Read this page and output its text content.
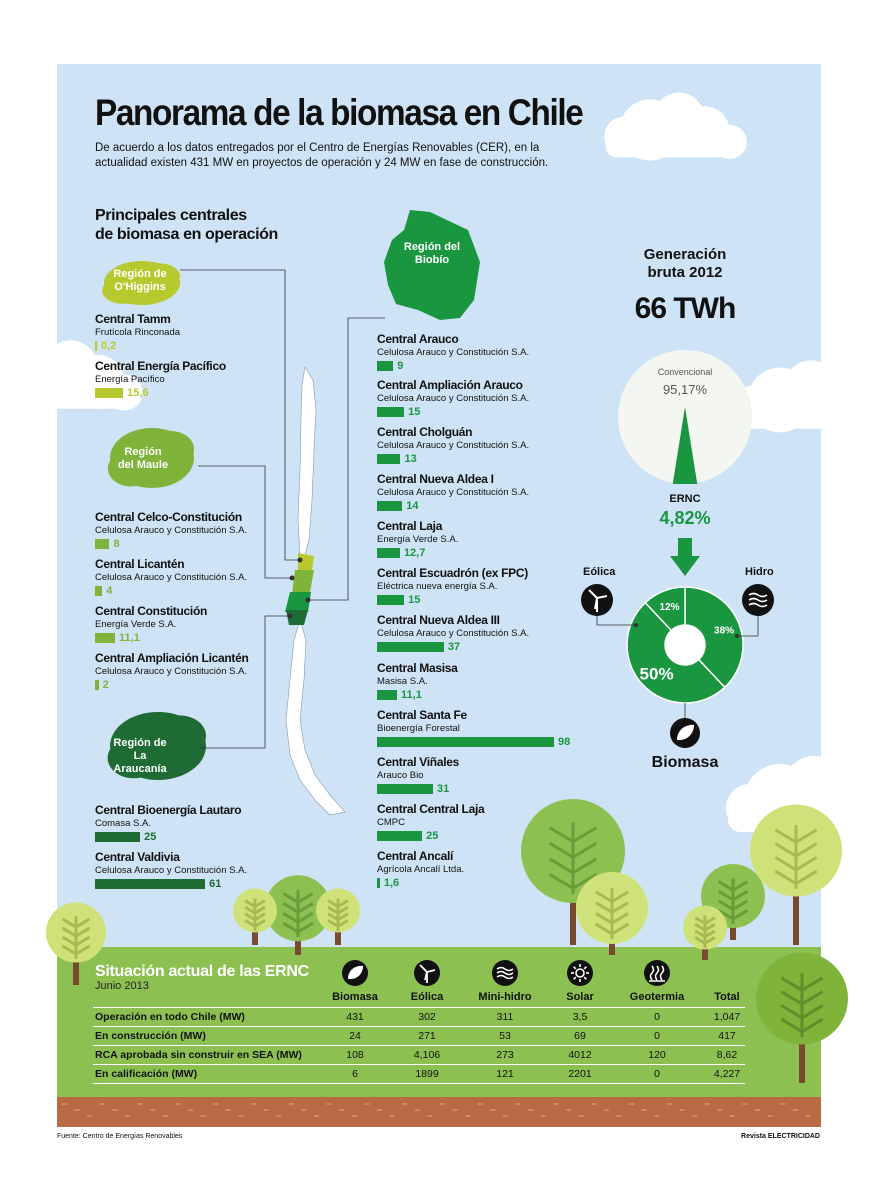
38%
50%
12%
Panorama de la biomasa en Chile
De acuerdo a los datos entregados por el Centro de Energías Renovables (CER), en la actualidad existen 431 MW en proyectos de operación y 24 MW en fase de construcción.
Principales centrales
de biomasa en operación
Región de
O'Higgins
Central Tamm
Frutícola Rinconada
0,2
Central Energía Pacífico
Energía Pacífico
15,6
Región
del Maule
Central Celco-Constitución
Celulosa Arauco y Constitución S.A.
8
Central Licantén
Celulosa Arauco y Constitución S.A.
4
Central Constitución
Energía Verde S.A.
11,1
Central Ampliación Licantén
Celulosa Arauco y Constitución S.A.
2
Región de
La Araucanía
Central Bioenergía Lautaro
Comasa S.A.
25
Central Valdivia
Celulosa Arauco y Constitución S.A.
61
Región del
Biobío
Central Arauco
Celulosa Arauco y Constitución S.A.
9
Central Ampliación Arauco
Celulosa Arauco y Constitución S.A.
15
Central Cholguán
Celulosa Arauco y Constitución S.A.
13
Central Nueva Aldea I
Celulosa Arauco y Constitución S.A.
14
Central Laja
Energía Verde S.A.
12,7
Central Escuadrón (ex FPC)
Eléctrica nueva energía S.A.
15
Central Nueva Aldea III
Celulosa Arauco y Constitución S.A.
37
Central Masisa
Masisa S.A.
11,1
Central Santa Fe
Bioenergía Forestal
98
Central Viñales
Arauco Bio
31
Central Central Laja
CMPC
25
Central Ancalí
Agrícola Ancalí Ltda.
1,6
Generación
bruta 2012
66 TWh
Convencional
95,17%
ERNC
4,82%
Eólica	Hidro
Biomasa
Situación actual de las ERNC
Junio 2013
Biomasa	Eólica	Mini-hidro	Solar	Geotermia	Total
Operación en todo Chile (MW)	431	302	311	3,5	0	1,047
En construcción (MW)	24	271	53	69	0	417
RCA aprobada sin construir en SEA (MW)	108	4,106	273	4012	120	8,62
En calificación (MW)	6	1899	121	2201	0	4,227
Fuente: Centro de Energías Renovables	Revista ELECTRICIDAD
